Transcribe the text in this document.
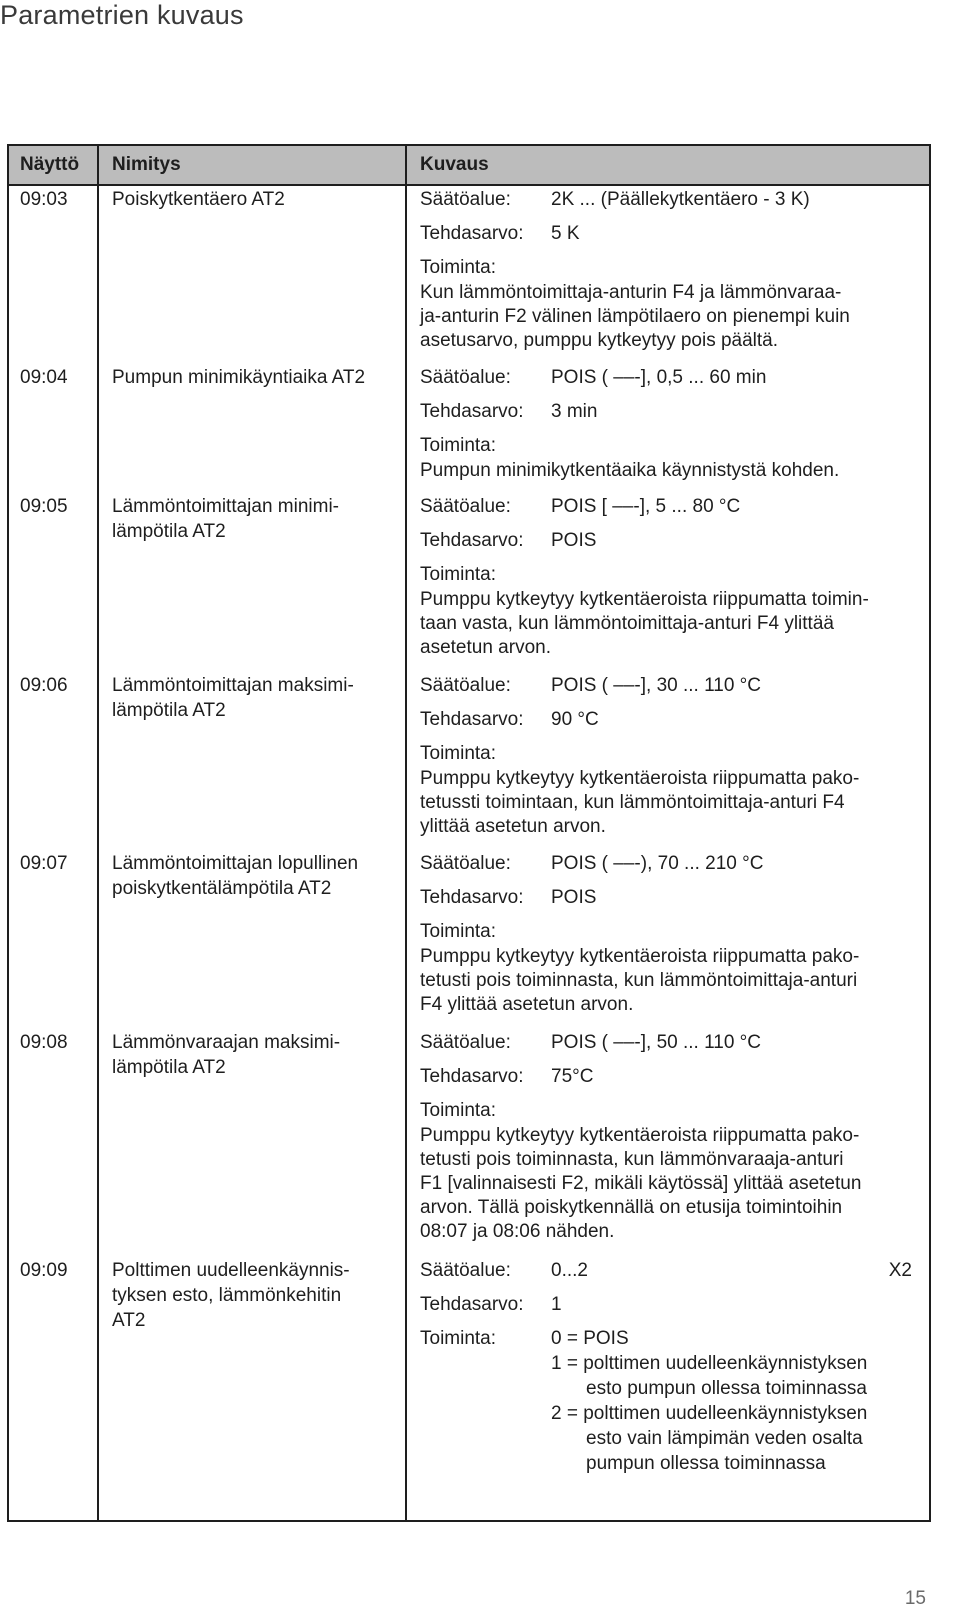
Parametrien kuvaus
Näyttö Nimitys	Kuvaus
09:03 Poiskytkentäero AT2	Säätöalue: 2K ... (Päällekytkentäero - 3 K)
Tehdasarvo: 5 K
Toiminta:
Kun lämmöntoimittaja-anturin F4 ja lämmönvaraa-
ja-anturin F2 välinen lämpötilaero on pienempi kuin
asetusarvo, pumppu kytkeytyy pois päältä.
09:04 Pumpun minimikäyntiaika AT2	Säätöalue: POIS ( ––-], 0,5 ... 60 min
Tehdasarvo: 3 min
Toiminta:
Pumpun minimikytkentäaika käynnistystä kohden.
09:05 Lämmöntoimittajan minimi-
lämpötila AT2
Säätöalue: POIS [ ––-], 5 ... 80 °C
Tehdasarvo: POIS
Toiminta:
Pumppu kytkeytyy kytkentäeroista riippumatta toimin-
taan vasta, kun lämmöntoimittaja-anturi F4 ylittää
asetetun arvon.
09:06 Lämmöntoimittajan maksimi-
lämpötila AT2
Säätöalue: POIS ( ––-], 30 ... 110 °C
Tehdasarvo: 90 °C
Toiminta:
Pumppu kytkeytyy kytkentäeroista riippumatta pako-
tetussti toimintaan, kun lämmöntoimittaja-anturi F4
ylittää asetetun arvon.
09:07 Lämmöntoimittajan lopullinen
poiskytkentälämpötila AT2
Säätöalue: POIS ( ––-), 70 ... 210 °C
Tehdasarvo: POIS
Toiminta:
Pumppu kytkeytyy kytkentäeroista riippumatta pako-
tetusti pois toiminnasta, kun lämmöntoimittaja-anturi
F4 ylittää asetetun arvon.
09:08 Lämmönvaraajan maksimi-
lämpötila AT2
Säätöalue: POIS ( ––-], 50 ... 110 °C
Tehdasarvo: 75°C
Toiminta:
Pumppu kytkeytyy kytkentäeroista riippumatta pako-
tetusti pois toiminnasta, kun lämmönvaraaja-anturi
F1 [valinnaisesti F2, mikäli käytössä] ylittää asetetun
arvon. Tällä poiskytkennällä on etusija toimintoihin
08:07 ja 08:06 nähden.
09:09 Polttimen uudelleenkäynnis-
tyksen esto, lämmönkehitin
AT2
Säätöalue: 0...2	X2
Tehdasarvo: 1
Toiminta:	0 = POIS
1 = polttimen uudelleenkäynnistyksen
esto pumpun ollessa toiminnassa
2 = polttimen uudelleenkäynnistyksen
esto vain lämpimän veden osalta
pumpun ollessa toiminnassa
15
